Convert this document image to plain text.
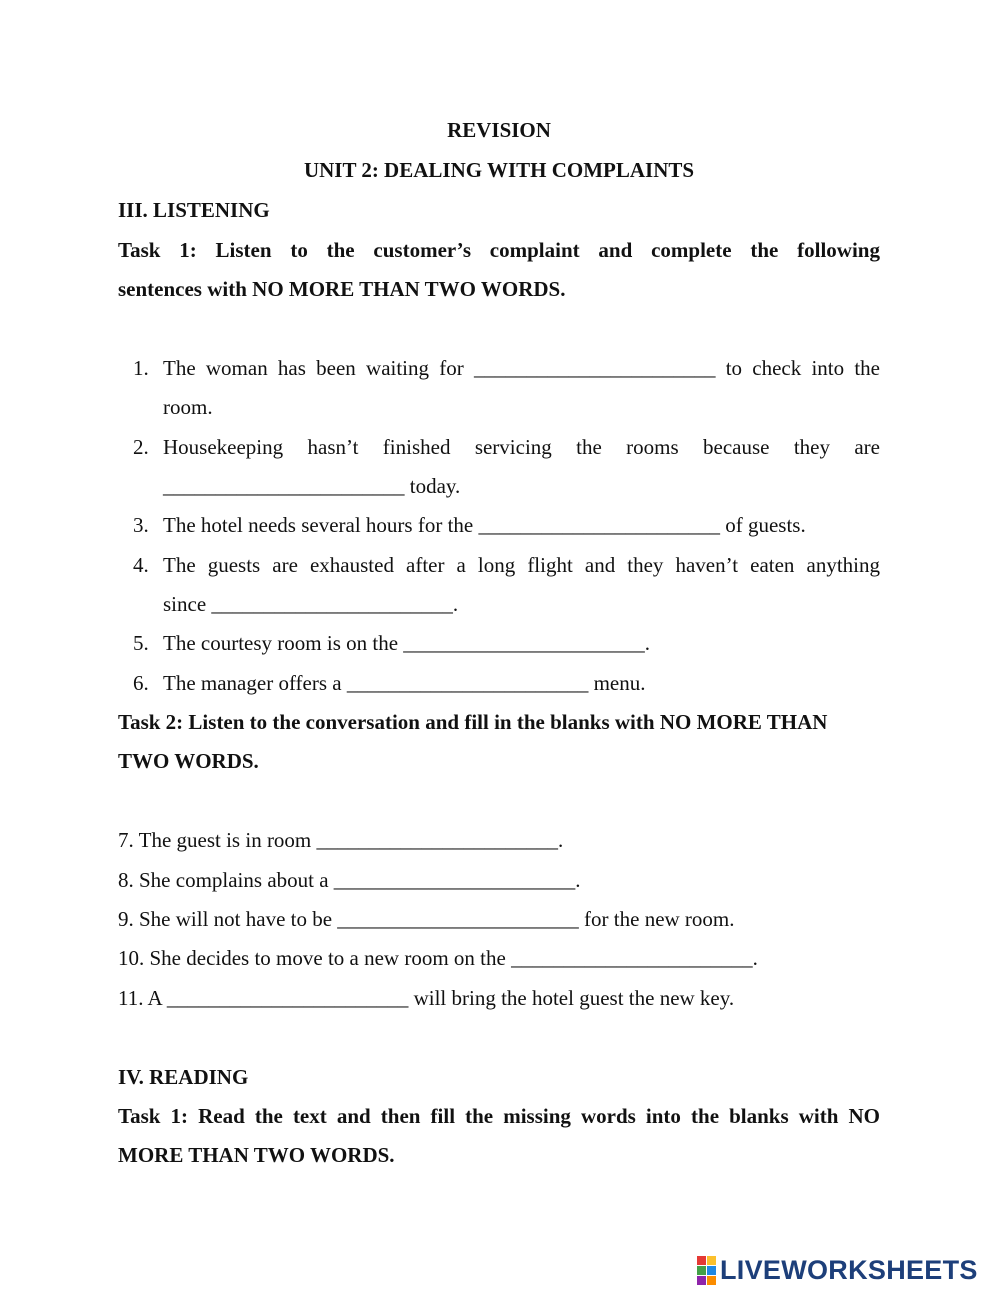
REVISION
UNIT 2: DEALING WITH COMPLAINTS
III. LISTENING
Task 1: Listen to the customer’s complaint and complete the following
sentences with NO MORE THAN TWO WORDS.
1. The woman has been waiting for _______________________ to check into the
room.
2. Housekeeping hasn’t finished servicing the rooms because they are
_______________________ today.
3. The hotel needs several hours for the _______________________ of guests.
4. The guests are exhausted after a long flight and they haven’t eaten anything
since _______________________.
5. The courtesy room is on the _______________________.
6. The manager offers a _______________________ menu.
Task 2: Listen to the conversation and fill in the blanks with NO MORE THAN
TWO WORDS.
7. The guest is in room _______________________.
8. She complains about a _______________________.
9. She will not have to be _______________________ for the new room.
10. She decides to move to a new room on the _______________________.
11. A _______________________ will bring the hotel guest the new key.
IV. READING
Task 1: Read the text and then fill the missing words into the blanks with NO
MORE THAN TWO WORDS.
LIVEWORKSHEETS
